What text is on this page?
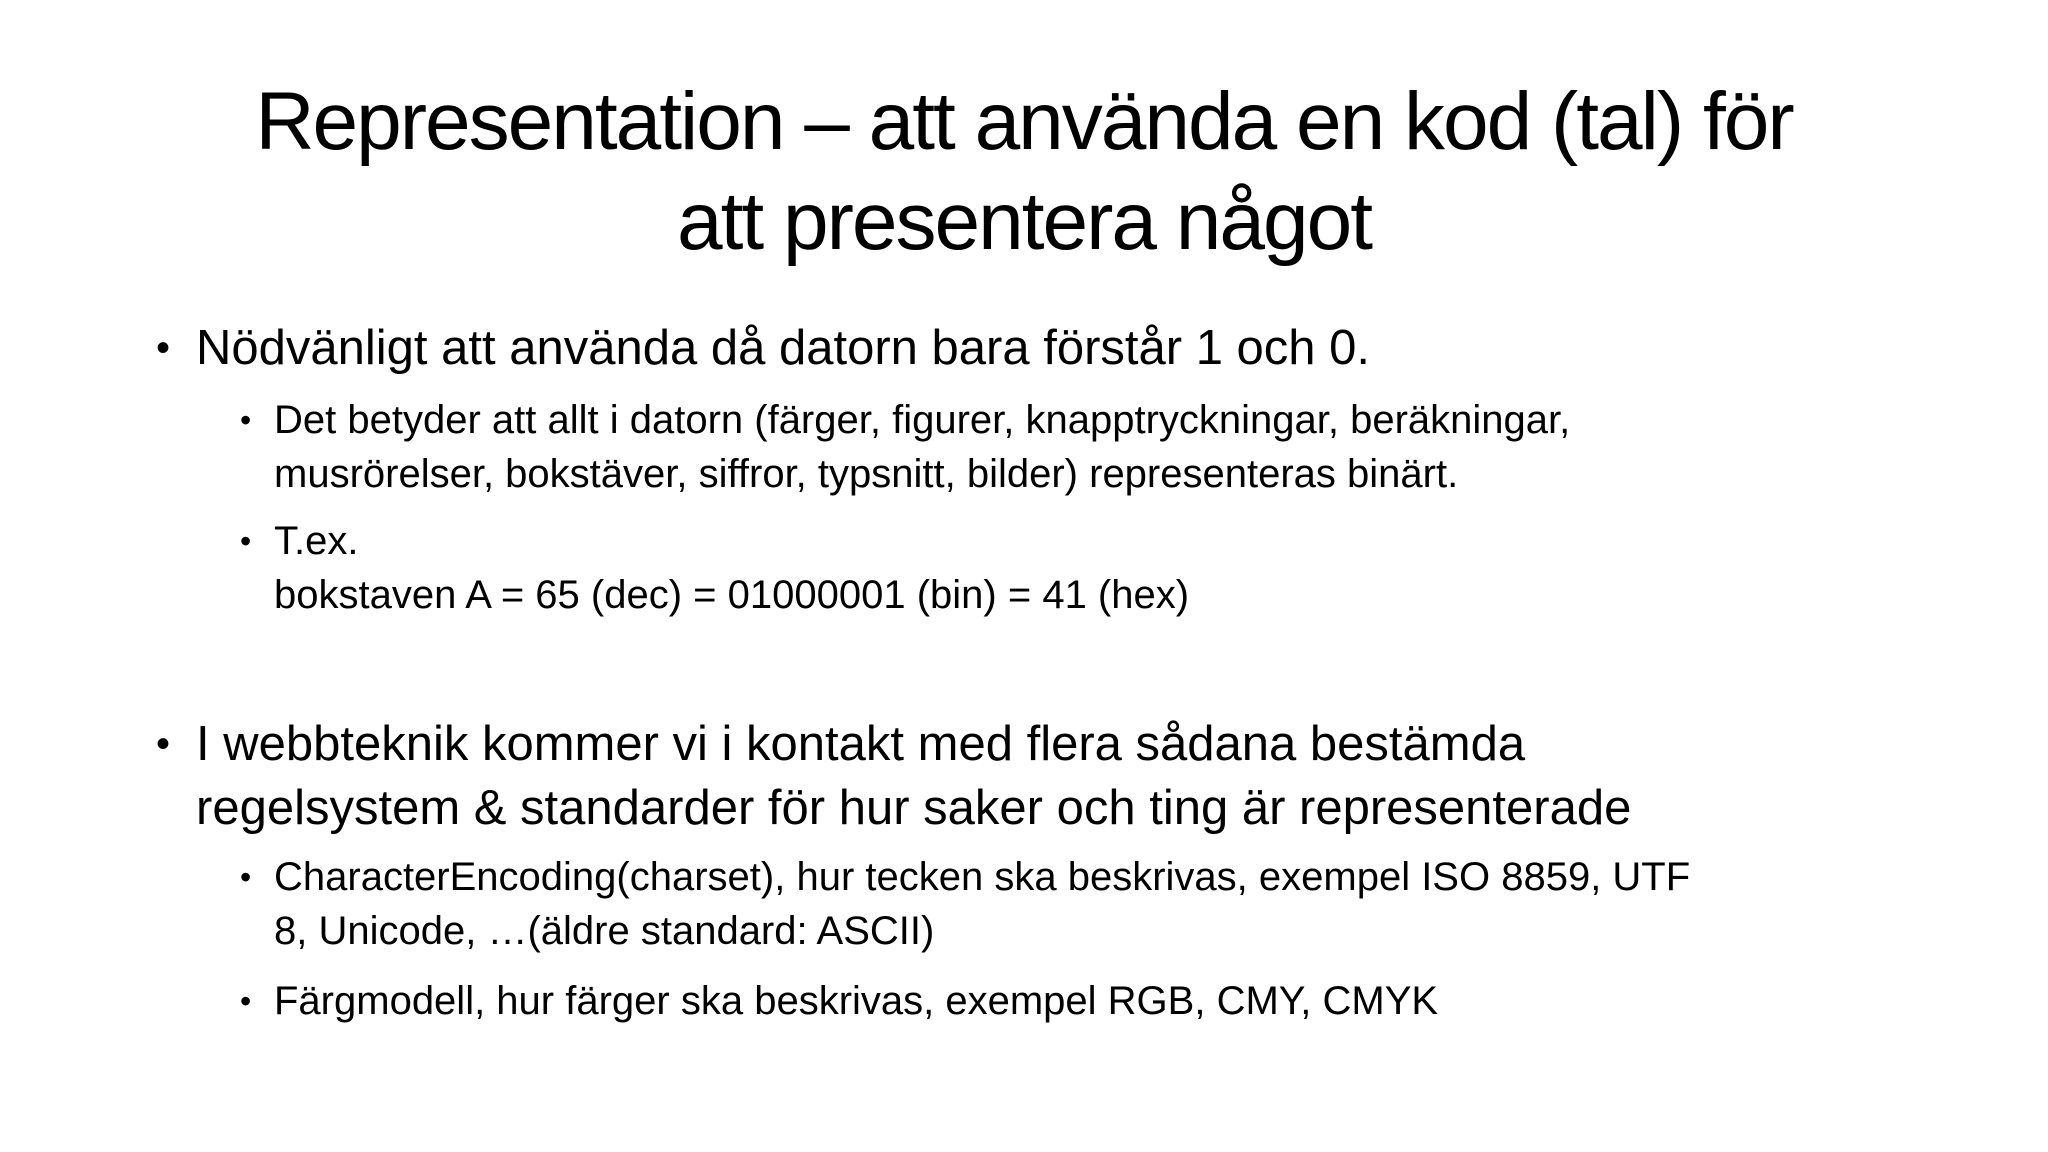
Representation – att använda en kod (tal) för
att presentera något

• Nödvänligt att använda då datorn bara förstår 1 och 0.

• Det betyder att allt i datorn (färger, figurer, knapptryckningar, beräkningar,
musrörelser, bokstäver, siffror, typsnitt, bilder) representeras binärt.

• T.ex.
bokstaven A = 65 (dec) = 01000001 (bin) = 41 (hex)

• I webbteknik kommer vi i kontakt med flera sådana bestämda
regelsystem & standarder för hur saker och ting är representerade

• CharacterEncoding(charset), hur tecken ska beskrivas, exempel ISO 8859, UTF
8, Unicode, …(äldre standard: ASCII)

• Färgmodell, hur färger ska beskrivas, exempel RGB, CMY, CMYK
